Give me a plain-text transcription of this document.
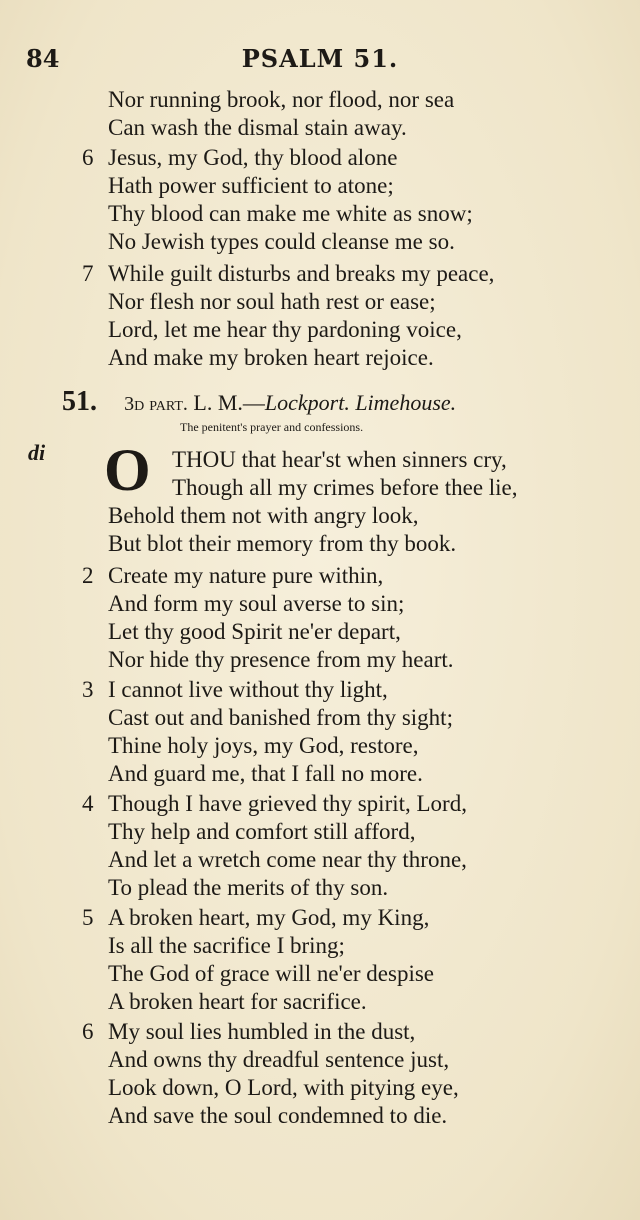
84	PSALM 51.
Nor running brook, nor flood, nor sea
Can wash the dismal stain away.
6 Jesus, my God, thy blood alone
Hath power sufficient to atone;
Thy blood can make me white as snow;
No Jewish types could cleanse me so.
7 While guilt disturbs and breaks my peace,
Nor flesh nor soul hath rest or ease;
Lord, let me hear thy pardoning voice,
And make my broken heart rejoice.
51. 3d part. L. M.—Lockport. Limehouse.
The penitent's prayer and confessions.
di O THOU that hear'st when sinners cry,
Though all my crimes before thee lie,
Behold them not with angry look,
But blot their memory from thy book.
2 Create my nature pure within,
And form my soul averse to sin;
Let thy good Spirit ne'er depart,
Nor hide thy presence from my heart.
3 I cannot live without thy light,
Cast out and banished from thy sight;
Thine holy joys, my God, restore,
And guard me, that I fall no more.
4 Though I have grieved thy spirit, Lord,
Thy help and comfort still afford,
And let a wretch come near thy throne,
To plead the merits of thy son.
5 A broken heart, my God, my King,
Is all the sacrifice I bring;
The God of grace will ne'er despise
A broken heart for sacrifice.
6 My soul lies humbled in the dust,
And owns thy dreadful sentence just,
Look down, O Lord, with pitying eye,
And save the soul condemned to die.
